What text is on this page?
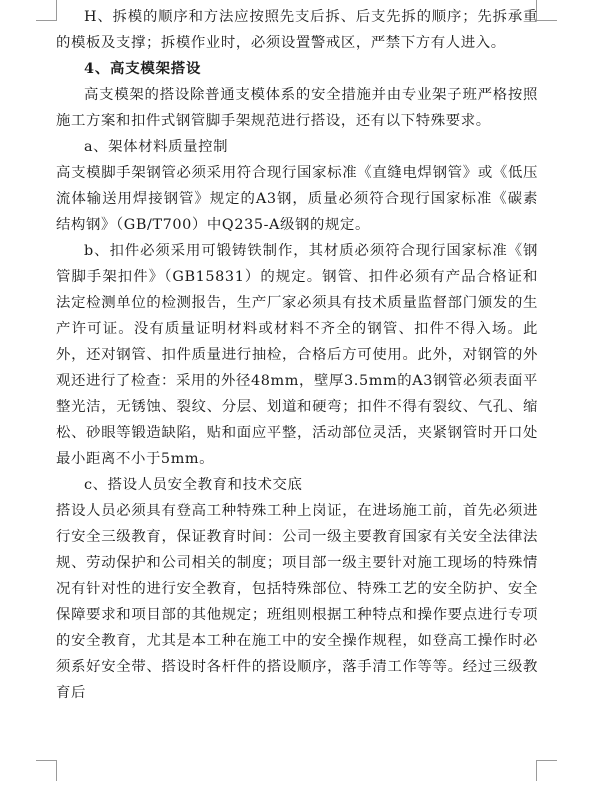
H、拆模的顺序和方法应按照先支后拆、后支先拆的顺序；先拆承重的模板及支撑；拆模作业时，必须设置警戒区，严禁下方有人进入。

4、高支模架搭设

高支模架的搭设除普通支模体系的安全措施并由专业架子班严格按照施工方案和扣件式钢管脚手架规范进行搭设，还有以下特殊要求。

a、架体材料质量控制

高支模脚手架钢管必须采用符合现行国家标准《直缝电焊钢管》或《低压流体输送用焊接钢管》规定的A3钢，质量必须符合现行国家标准《碳素结构钢》（GB/T700）中Q235-A级钢的规定。

b、扣件必须采用可锻铸铁制作，其材质必须符合现行国家标准《钢管脚手架扣件》（GB15831）的规定。钢管、扣件必须有产品合格证和法定检测单位的检测报告，生产厂家必须具有技术质量监督部门颁发的生产许可证。没有质量证明材料或材料不齐全的钢管、扣件不得入场。此外，还对钢管、扣件质量进行抽检，合格后方可使用。此外，对钢管的外观还进行了检查：采用的外径48mm，壁厚3.5mm的A3钢管必须表面平整光洁，无锈蚀、裂纹、分层、划道和硬弯；扣件不得有裂纹、气孔、缩松、砂眼等锻造缺陷，贴和面应平整，活动部位灵活，夹紧钢管时开口处最小距离不小于5mm。

c、搭设人员安全教育和技术交底

搭设人员必须具有登高工种特殊工种上岗证，在进场施工前，首先必须进行安全三级教育，保证教育时间：公司一级主要教育国家有关安全法律法规、劳动保护和公司相关的制度；项目部一级主要针对施工现场的特殊情况有针对性的进行安全教育，包括特殊部位、特殊工艺的安全防护、安全保障要求和项目部的其他规定；班组则根据工种特点和操作要点进行专项的安全教育，尤其是本工种在施工中的安全操作规程，如登高工操作时必须系好安全带、搭设时各杆件的搭设顺序，落手清工作等等。经过三级教育后
